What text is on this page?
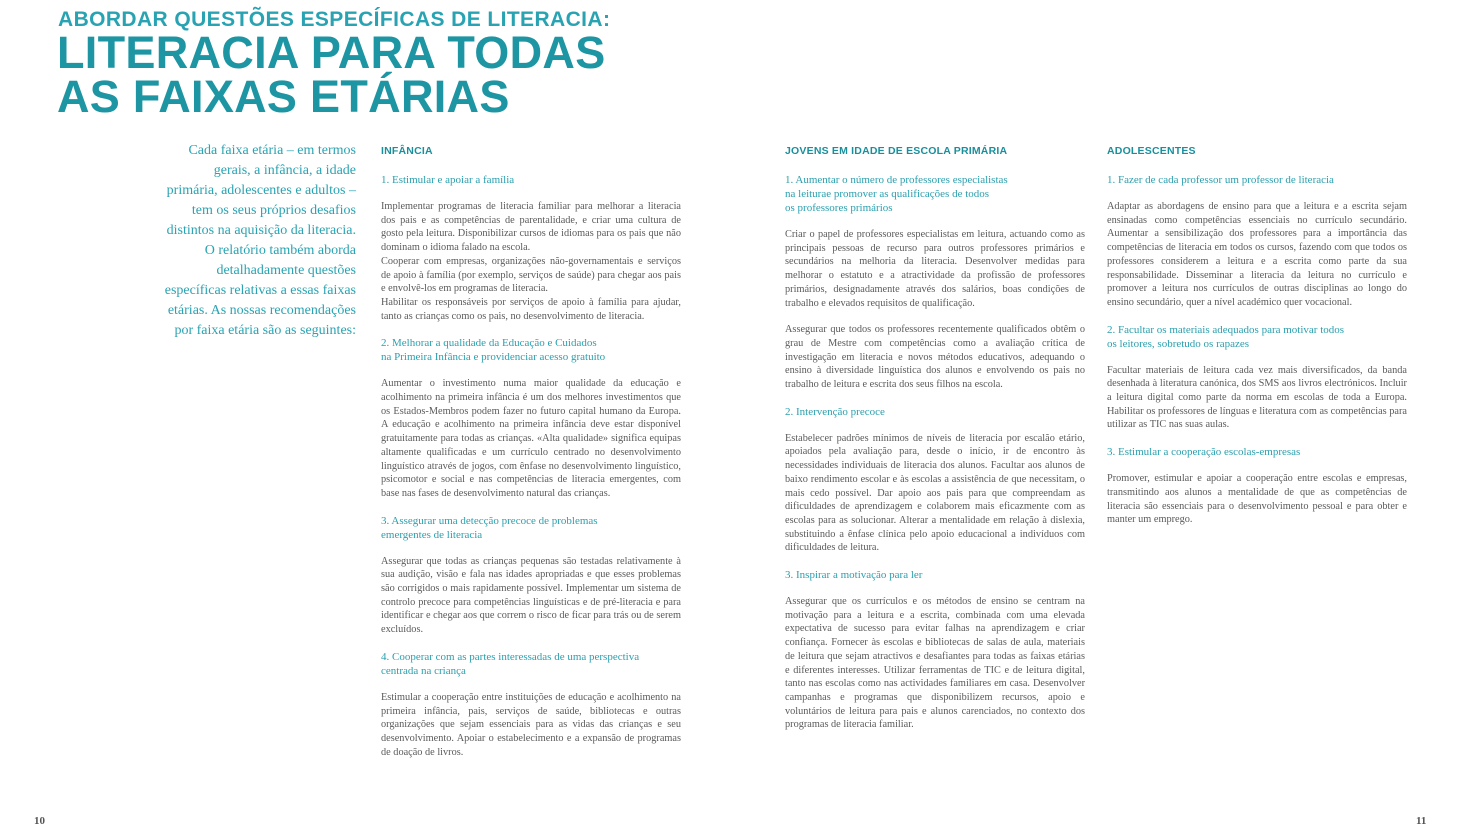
ABORDAR QUESTÕES ESPECÍFICAS DE LITERACIA:
LITERACIA PARA TODAS
AS FAIXAS ETÁRIAS
Cada faixa etária – em termos gerais, a infância, a idade primária, adolescentes e adultos – tem os seus próprios desafios distintos na aquisição da literacia. O relatório também aborda detalhadamente questões específicas relativas a essas faixas etárias. As nossas recomendações por faixa etária são as seguintes:
INFÂNCIA
1. Estimular e apoiar a família
Implementar programas de literacia familiar para melhorar a literacia dos pais e as competências de parentalidade, e criar uma cultura de gosto pela leitura. Disponibilizar cursos de idiomas para os pais que não dominam o idioma falado na escola.
Cooperar com empresas, organizações não-governamentais e serviços de apoio à família (por exemplo, serviços de saúde) para chegar aos pais e envolvê-los em programas de literacia.
Habilitar os responsáveis por serviços de apoio à família para ajudar, tanto as crianças como os pais, no desenvolvimento de literacia.
2. Melhorar a qualidade da Educação e Cuidados
na Primeira Infância e providenciar acesso gratuito
Aumentar o investimento numa maior qualidade da educação e acolhimento na primeira infância é um dos melhores investimentos que os Estados-Membros podem fazer no futuro capital humano da Europa. A educação e acolhimento na primeira infância deve estar disponível gratuitamente para todas as crianças. «Alta qualidade» significa equipas altamente qualificadas e um currículo centrado no desenvolvimento linguístico através de jogos, com ênfase no desenvolvimento linguístico, psicomotor e social e nas competências de literacia emergentes, com base nas fases de desenvolvimento natural das crianças.
3. Assegurar uma detecção precoce de problemas
emergentes de literacia
Assegurar que todas as crianças pequenas são testadas relativamente à sua audição, visão e fala nas idades apropriadas e que esses problemas são corrigidos o mais rapidamente possível. Implementar um sistema de controlo precoce para competências linguísticas e de pré-literacia e para identificar e chegar aos que correm o risco de ficar para trás ou de serem excluídos.
4. Cooperar com as partes interessadas de uma perspectiva
centrada na criança
Estimular a cooperação entre instituições de educação e acolhimento na primeira infância, pais, serviços de saúde, bibliotecas e outras organizações que sejam essenciais para as vidas das crianças e seu desenvolvimento. Apoiar o estabelecimento e a expansão de programas de doação de livros.
JOVENS EM IDADE DE ESCOLA PRIMÁRIA
1. Aumentar o número de professores especialistas
na leiturae promover as qualificações de todos
os professores primários
Criar o papel de professores especialistas em leitura, actuando como as principais pessoas de recurso para outros professores primários e secundários na melhoria da literacia. Desenvolver medidas para melhorar o estatuto e a atractividade da profissão de professores primários, designadamente através dos salários, boas condições de trabalho e elevados requisitos de qualificação.
Assegurar que todos os professores recentemente qualificados obtêm o grau de Mestre com competências como a avaliação crítica de investigação em literacia e novos métodos educativos, adequando o ensino à diversidade linguística dos alunos e envolvendo os pais no trabalho de leitura e escrita dos seus filhos na escola.
2. Intervenção precoce
Estabelecer padrões mínimos de níveis de literacia por escalão etário, apoiados pela avaliação para, desde o início, ir de encontro às necessidades individuais de literacia dos alunos. Facultar aos alunos de baixo rendimento escolar e às escolas a assistência de que necessitam, o mais cedo possível. Dar apoio aos pais para que compreendam as dificuldades de aprendizagem e colaborem mais eficazmente com as escolas para as solucionar. Alterar a mentalidade em relação à dislexia, substituindo a ênfase clínica pelo apoio educacional a indivíduos com dificuldades de leitura.
3. Inspirar a motivação para ler
Assegurar que os currículos e os métodos de ensino se centram na motivação para a leitura e a escrita, combinada com uma elevada expectativa de sucesso para evitar falhas na aprendizagem e criar confiança. Fornecer às escolas e bibliotecas de salas de aula, materiais de leitura que sejam atractivos e desafiantes para todas as faixas etárias e diferentes interesses. Utilizar ferramentas de TIC e de leitura digital, tanto nas escolas como nas actividades familiares em casa. Desenvolver campanhas e programas que disponibilizem recursos, apoio e voluntários de leitura para pais e alunos carenciados, no contexto dos programas de literacia familiar.
ADOLESCENTES
1. Fazer de cada professor um professor de literacia
Adaptar as abordagens de ensino para que a leitura e a escrita sejam ensinadas como competências essenciais no currículo secundário. Aumentar a sensibilização dos professores para a importância das competências de literacia em todos os cursos, fazendo com que todos os professores considerem a leitura e a escrita como parte da sua responsabilidade. Disseminar a literacia da leitura no currículo e promover a leitura nos currículos de outras disciplinas ao longo do ensino secundário, quer a nível académico quer vocacional.
2. Facultar os materiais adequados para motivar todos
os leitores, sobretudo os rapazes
Facultar materiais de leitura cada vez mais diversificados, da banda desenhada à literatura canónica, dos SMS aos livros electrónicos. Incluir a leitura digital como parte da norma em escolas de toda a Europa. Habilitar os professores de línguas e literatura com as competências para utilizar as TIC nas suas aulas.
3. Estimular a cooperação escolas-empresas
Promover, estimular e apoiar a cooperação entre escolas e empresas, transmitindo aos alunos a mentalidade de que as competências de literacia são essenciais para o desenvolvimento pessoal e para obter e manter um emprego.
10	11
